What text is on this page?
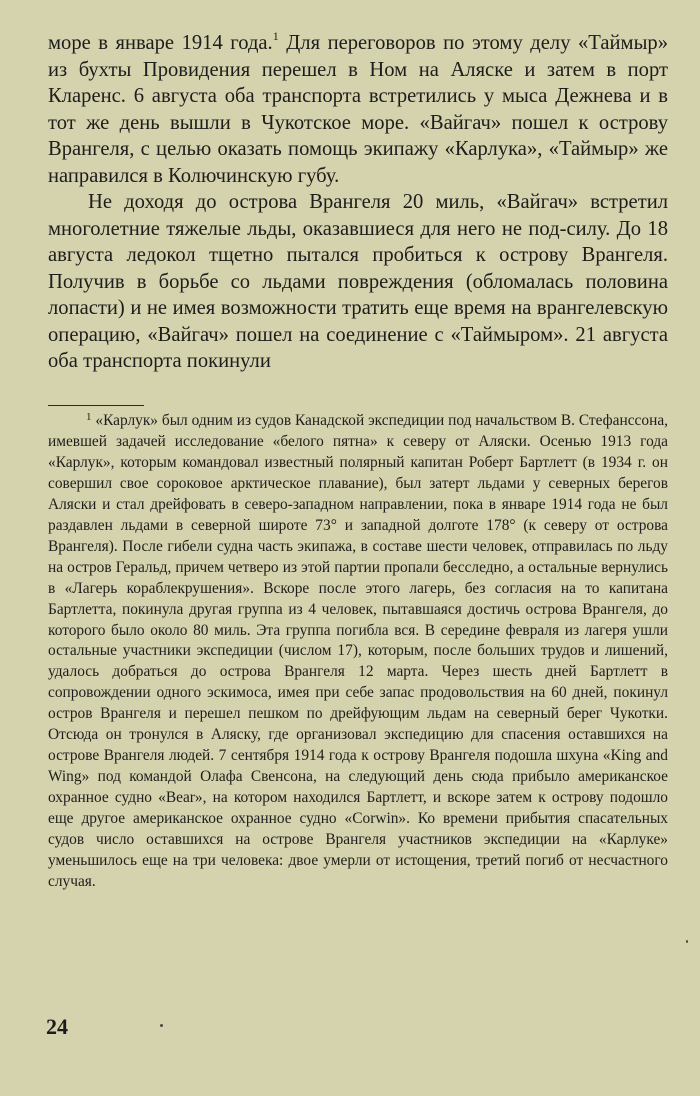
море в январе 1914 года.$^1$ Для переговоров по этому делу «Таймыр» из бухты Провидения перешел в Ном на Аляске и затем в порт Кларенс. 6 августа оба транспорта встретились у мыса Дежнева и в тот же день вышли в Чукотское море. «Вайгач» пошел к острову Врангеля, с целью оказать помощь экипажу «Карлука», «Таймыр» же направился в Колючинскую губу.

Не доходя до острова Врангеля 20 миль, «Вайгач» встретил многолетние тяжелые льды, оказавшиеся для него не под-силу. До 18 августа ледокол тщетно пытался пробиться к острову Врангеля. Получив в борьбе со льдами повреждения (обломалась половина лопасти) и не имея возможности тратить еще время на врангелевскую операцию, «Вайгач» пошел на соединение с «Таймыром». 21 августа оба транспорта покинули

$^1$ «Карлук» был одним из судов Канадской экспедиции под начальством В. Стефанссона, имевшей задачей исследование «белого пятна» к северу от Аляски. Осенью 1913 года «Карлук», которым командовал известный полярный капитан Роберт Бартлетт (в 1934 г. он совершил свое сороковое арктическое плавание), был затерт льдами у северных берегов Аляски и стал дрейфовать в северо-западном направлении, пока в январе 1914 года не был раздавлен льдами в северной широте 73° и западной долготе 178° (к северу от острова Врангеля). После гибели судна часть экипажа, в составе шести человек, отправилась по льду на остров Геральд, причем четверо из этой партии пропали бесследно, а остальные вернулись в «Лагерь кораблекрушения». Вскоре после этого лагерь, без согласия на то капитана Бартлетта, покинула другая группа из 4 человек, пытавшаяся достичь острова Врангеля, до которого было около 80 миль. Эта группа погибла вся. В середине февраля из лагеря ушли остальные участники экспедиции (числом 17), которым, после больших трудов и лишений, удалось добраться до острова Врангеля 12 марта. Через шесть дней Бартлетт в сопровождении одного эскимоса, имея при себе запас продовольствия на 60 дней, покинул остров Врангеля и перешел пешком по дрейфующим льдам на северный берег Чукотки. Отсюда он тронулся в Аляску, где организовал экспедицию для спасения оставшихся на острове Врангеля людей. 7 сентября 1914 года к острову Врангеля подошла шхуна «King and Wing» под командой Олафа Свенсона, на следующий день сюда прибыло американское охранное судно «Bear», на котором находился Бартлетт, и вскоре затем к острову подошло еще другое американское охранное судно «Corwin». Ко времени прибытия спасательных судов число оставшихся на острове Врангеля участников экспедиции на «Карлуке» уменьшилось еще на три человека: двое умерли от истощения, третий погиб от несчастного случая.

24
